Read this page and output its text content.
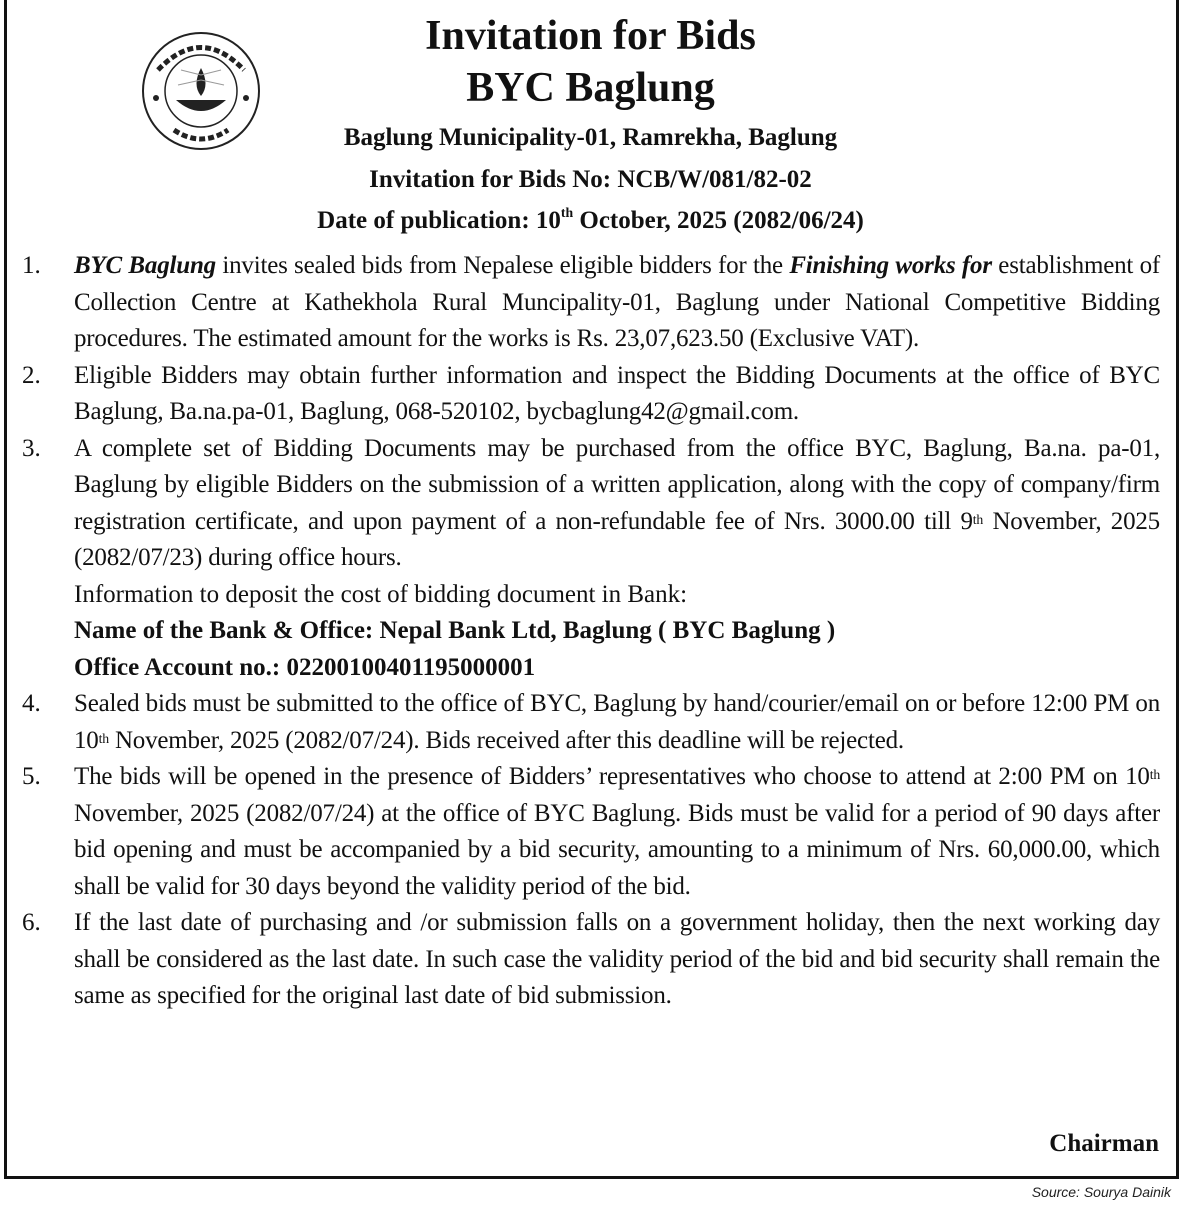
Invitation for Bids
BYC Baglung
Baglung Municipality-01, Ramrekha, Baglung
Invitation for Bids No: NCB/W/081/82-02
Date of publication: 10th October, 2025 (2082/06/24)
1.	BYC Baglung invites sealed bids from Nepalese eligible bidders for the Finishing works for establishment of Collection Centre at Kathekhola Rural Muncipality-01, Baglung under National Competitive Bidding procedures. The estimated amount for the works is Rs. 23,07,623.50 (Exclusive VAT).
2.	Eligible Bidders may obtain further information and inspect the Bidding Documents at the office of BYC Baglung, Ba.na.pa-01, Baglung, 068-520102, bycbaglung42@gmail.com.
3.	A complete set of Bidding Documents may be purchased from the office BYC, Baglung, Ba.na. pa-01, Baglung by eligible Bidders on the submission of a written application, along with the copy of company/firm registration certificate, and upon payment of a non-refundable fee of Nrs. 3000.00 till 9th November, 2025 (2082/07/23) during office hours.
Information to deposit the cost of bidding document in Bank:
Name of the Bank & Office: Nepal Bank Ltd, Baglung ( BYC Baglung )
Office Account no.: 02200100401195000001
4.	Sealed bids must be submitted to the office of BYC, Baglung by hand/courier/email on or before 12:00 PM on 10th November, 2025 (2082/07/24). Bids received after this deadline will be rejected.
5.	The bids will be opened in the presence of Bidders’ representatives who choose to attend at 2:00 PM on 10th November, 2025 (2082/07/24) at the office of BYC Baglung. Bids must be valid for a period of 90 days after bid opening and must be accompanied by a bid security, amounting to a minimum of Nrs. 60,000.00, which shall be valid for 30 days beyond the validity period of the bid.
6.	If the last date of purchasing and /or submission falls on a government holiday, then the next working day shall be considered as the last date. In such case the validity period of the bid and bid security shall remain the same as specified for the original last date of bid submission.
Chairman
Source: Sourya Dainik
